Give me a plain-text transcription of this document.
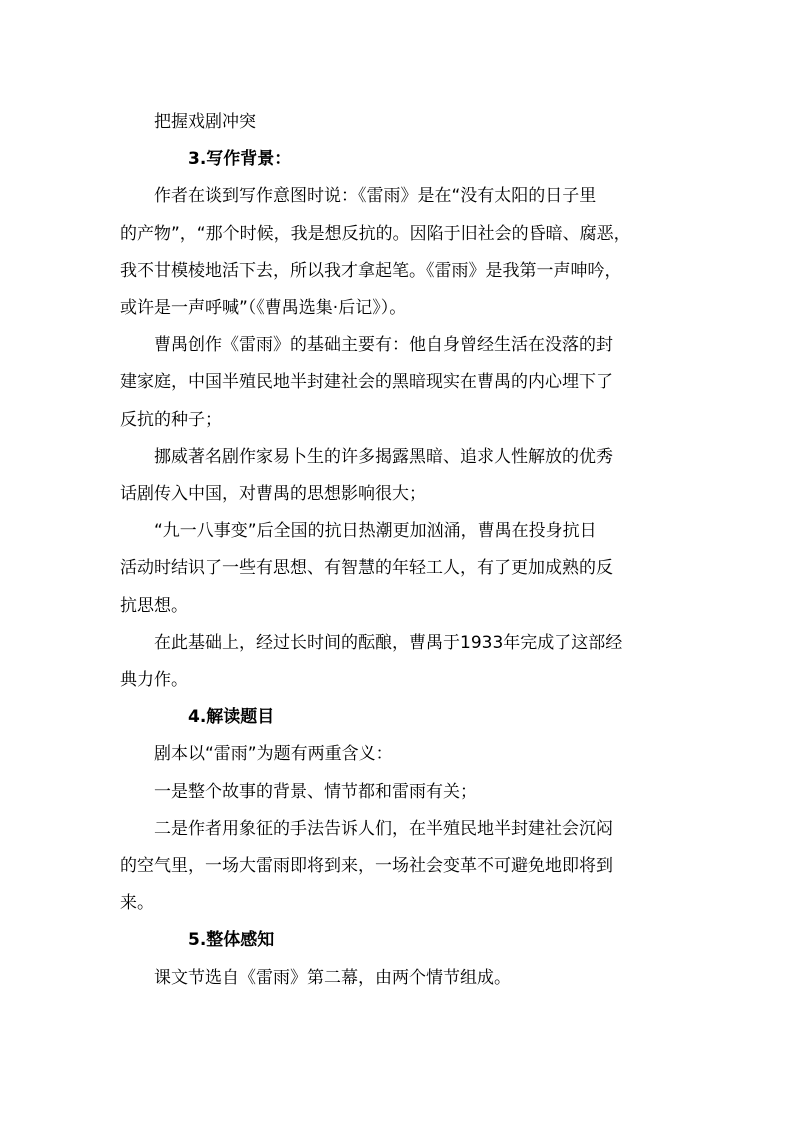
把握戏剧冲突
3.写作背景：
作者在谈到写作意图时说：《雷雨》是在“没有太阳的日子里
的产物”，“那个时候，我是想反抗的。因陷于旧社会的昏暗、腐恶，
我不甘模棱地活下去，所以我才拿起笔。《雷雨》是我第一声呻吟，
或许是一声呼喊”（《曹禺选集·后记》）。
曹禺创作《雷雨》的基础主要有：他自身曾经生活在没落的封
建家庭，中国半殖民地半封建社会的黑暗现实在曹禺的内心埋下了
反抗的种子；
挪威著名剧作家易卜生的许多揭露黑暗、追求人性解放的优秀
话剧传入中国，对曹禺的思想影响很大；
“九一八事变”后全国的抗日热潮更加汹涌，曹禺在投身抗日
活动时结识了一些有思想、有智慧的年轻工人，有了更加成熟的反
抗思想。
在此基础上，经过长时间的酝酿，曹禺于1933年完成了这部经
典力作。
4.解读题目
剧本以“雷雨”为题有两重含义：
一是整个故事的背景、情节都和雷雨有关；
二是作者用象征的手法告诉人们，在半殖民地半封建社会沉闷
的空气里，一场大雷雨即将到来，一场社会变革不可避免地即将到
来。
5.整体感知
课文节选自《雷雨》第二幕，由两个情节组成。
